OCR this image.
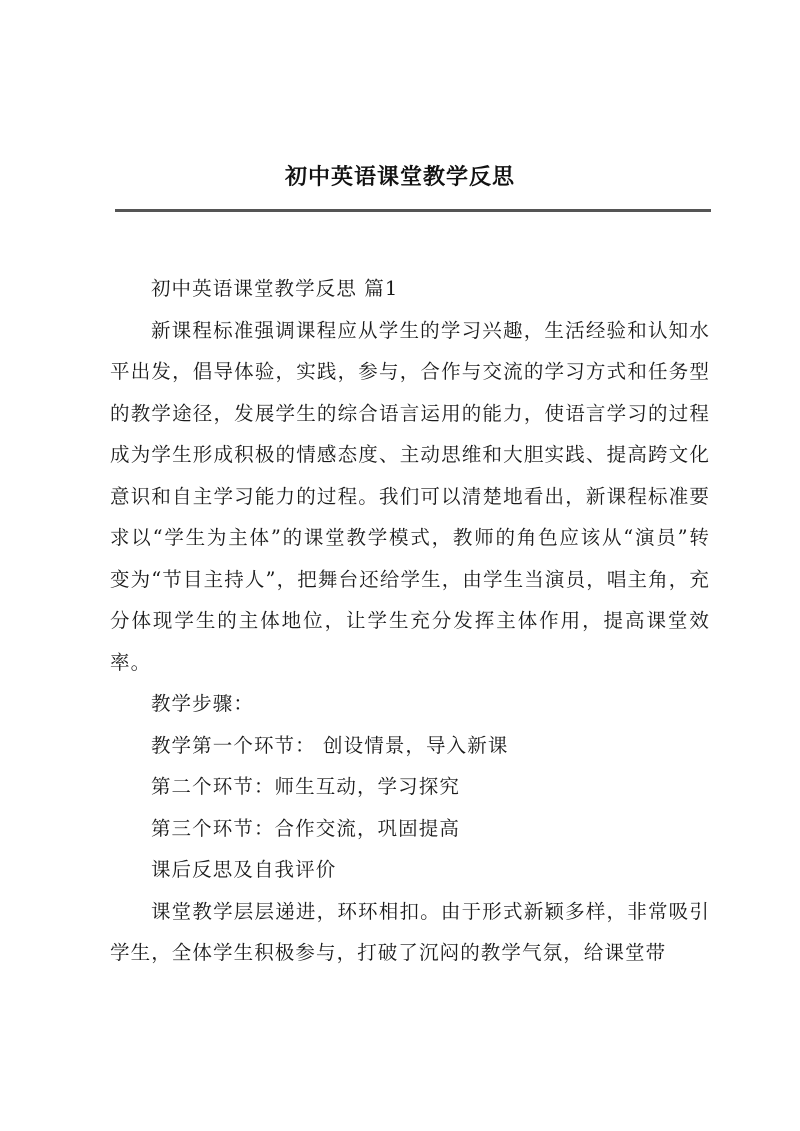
初中英语课堂教学反思

初中英语课堂教学反思 篇1

新课程标准强调课程应从学生的学习兴趣，生活经验和认知水平出发，倡导体验，实践，参与，合作与交流的学习方式和任务型的教学途径，发展学生的综合语言运用的能力，使语言学习的过程成为学生形成积极的情感态度、主动思维和大胆实践、提高跨文化意识和自主学习能力的过程。我们可以清楚地看出，新课程标准要求以“学生为主体”的课堂教学模式，教师的角色应该从“演员”转变为“节目主持人”，把舞台还给学生，由学生当演员，唱主角，充分体现学生的主体地位，让学生充分发挥主体作用，提高课堂效率。

教学步骤：

教学第一个环节： 创设情景，导入新课

第二个环节：师生互动，学习探究

第三个环节：合作交流，巩固提高

课后反思及自我评价

课堂教学层层递进，环环相扣。由于形式新颖多样，非常吸引学生，全体学生积极参与，打破了沉闷的教学气氛，给课堂带
